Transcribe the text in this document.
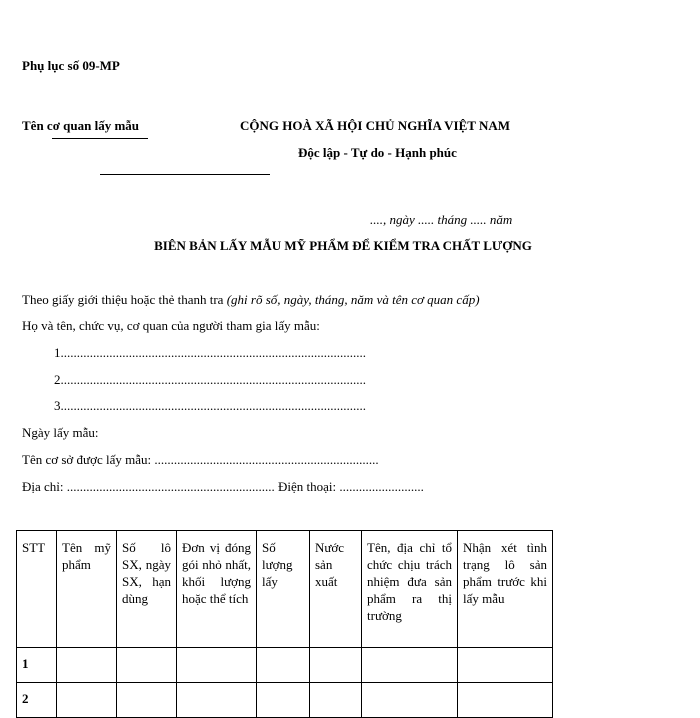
Phụ lục số 09-MP
Tên cơ quan lấy mẫu	CỘNG HOÀ XÃ HỘI CHỦ NGHĨA VIỆT NAM
Độc lập - Tự do - Hạnh phúc
...., ngày ..... tháng ..... năm
BIÊN BẢN LẤY MẪU MỸ PHẨM ĐỂ KIỂM TRA CHẤT LƯỢNG
Theo giấy giới thiệu hoặc thẻ thanh tra (ghi rõ số, ngày, tháng, năm và tên cơ quan cấp)
Họ và tên, chức vụ, cơ quan của người tham gia lấy mẫu:
1..............................................................................................
2..............................................................................................
3..............................................................................................
Ngày lấy mẫu:
Tên cơ sở được lấy mẫu: .....................................................................
Địa chỉ: ................................................................ Điện thoại: ..........................
STT	Tên mỹ phẩm	Số lô SX, ngày SX, hạn dùng	Đơn vị đóng gói nhỏ nhất, khối lượng hoặc thể tích	Số lượng lấy	Nước sản xuất	Tên, địa chỉ tổ chức chịu trách nhiệm đưa sản phẩm ra thị trường	Nhận xét tình trạng lô sản phẩm trước khi lấy mẫu
1							
2							
